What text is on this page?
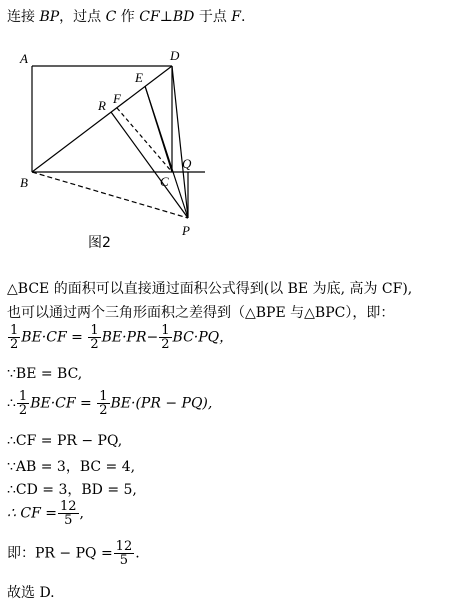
连接 BP，过点 C 作 CF⊥BD 于点 F.
A	D
E
F
R
B	C
Q
P
图2
△BCE 的面积可以直接通过面积公式得到(以 BE 为底, 高为 CF),
也可以通过两个三角形面积之差得到（△BPE 与△BPC），即：
$\frac{1}{2} BE\cdot CF = \frac{1}{2} BE\cdot PR- \frac{1}{2} BC\cdot PQ$，
∵BE = BC,
∴ $\frac{1}{2} BE\cdot CF = \frac{1}{2} BE\cdot(PR - PQ)$,
∴CF = PR − PQ,
∵AB = 3，BC = 4,
∴CD = 3，BD = 5,
∴ CF = $\frac{12}{5}$ ,
即：PR − PQ = $\frac{12}{5}$ .
故选 D.
